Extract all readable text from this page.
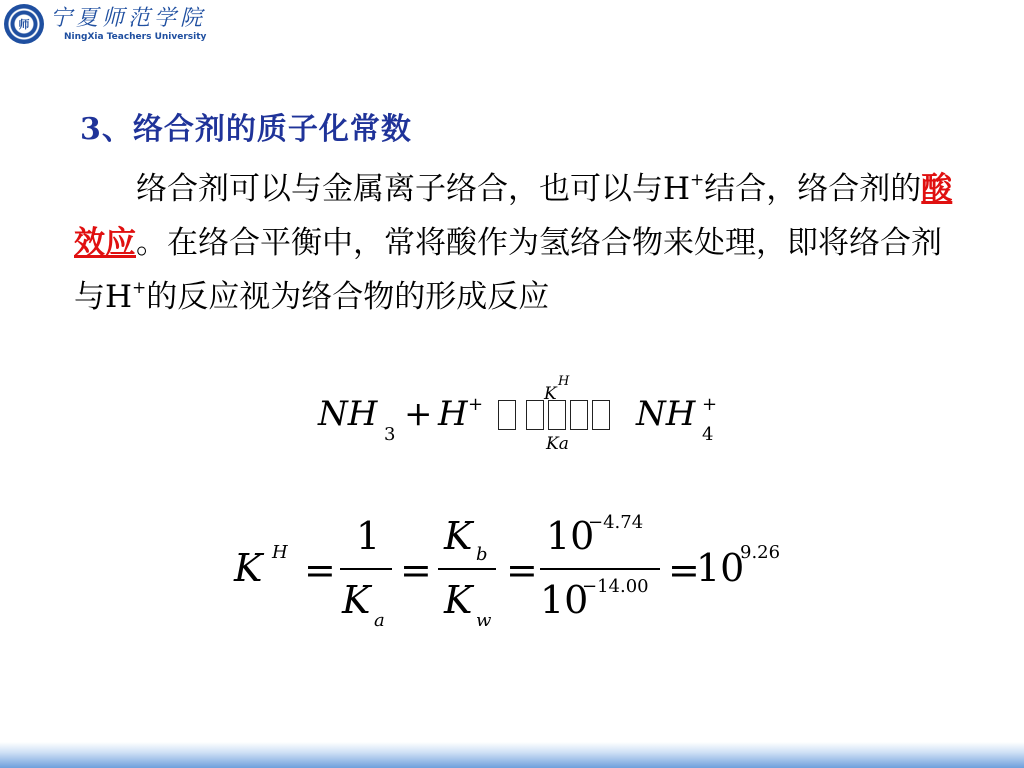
师 宁夏师范学院
NingXia Teachers University
3、络合剂的质子化常数
络合剂可以与金属离子络合，也可以与H+结合，络合剂的酸效应。在络合平衡中，常将酸作为氢络合物来处理，即将络合剂与H+的反应视为络合物的形成反应
NH
3
+ H +	K
H
Ka
NH
4
+
K H =
1
K a
=
K b
K w
=
10
−4.74
10
−14.00 =
10
9.26
